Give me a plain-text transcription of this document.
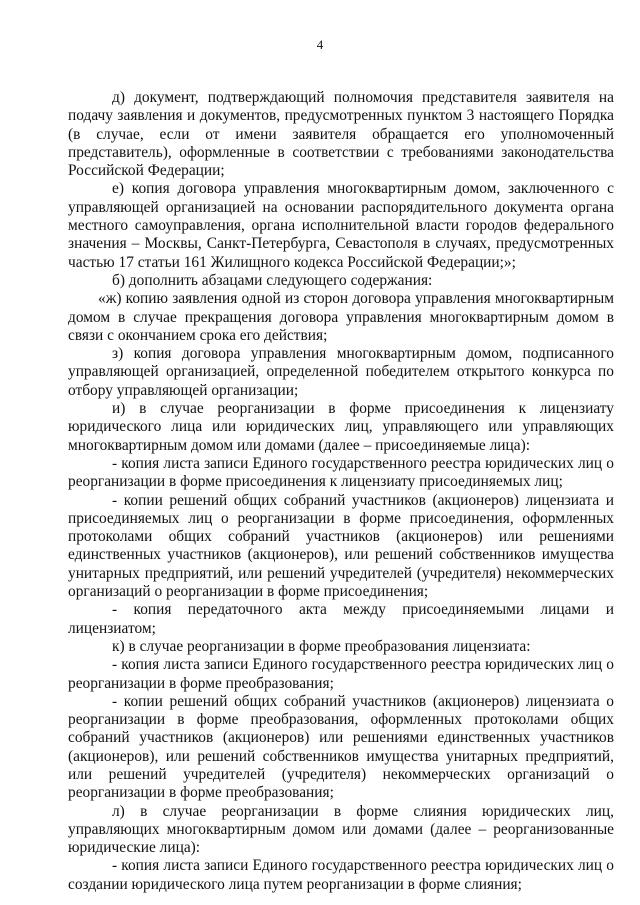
4

д) документ, подтверждающий полномочия представителя заявителя на подачу заявления и документов, предусмотренных пунктом 3 настоящего Порядка (в случае, если от имени заявителя обращается его уполномоченный представитель), оформленные в соответствии с требованиями законодательства Российской Федерации;

е) копия договора управления многоквартирным домом, заключенного с управляющей организацией на основании распорядительного документа органа местного самоуправления, органа исполнительной власти городов федерального значения – Москвы, Санкт-Петербурга, Севастополя в случаях, предусмотренных частью 17 статьи 161 Жилищного кодекса Российской Федерации;»;

б) дополнить абзацами следующего содержания:

«ж) копию заявления одной из сторон договора управления многоквартирным домом в случае прекращения договора управления многоквартирным домом в связи с окончанием срока его действия;

з) копия договора управления многоквартирным домом, подписанного управляющей организацией, определенной победителем открытого конкурса по отбору управляющей организации;

и) в случае реорганизации в форме присоединения к лицензиату юридического лица или юридических лиц, управляющего или управляющих многоквартирным домом или домами (далее – присоединяемые лица):

- копия листа записи Единого государственного реестра юридических лиц о реорганизации в форме присоединения к лицензиату присоединяемых лиц;

- копии решений общих собраний участников (акционеров) лицензиата и присоединяемых лиц о реорганизации в форме присоединения, оформленных протоколами общих собраний участников (акционеров) или решениями единственных участников (акционеров), или решений собственников имущества унитарных предприятий, или решений учредителей (учредителя) некоммерческих организаций о реорганизации в форме присоединения;

- копия передаточного акта между присоединяемыми лицами и лицензиатом;

к) в случае реорганизации в форме преобразования лицензиата:

- копия листа записи Единого государственного реестра юридических лиц о реорганизации в форме преобразования;

- копии решений общих собраний участников (акционеров) лицензиата о реорганизации в форме преобразования, оформленных протоколами общих собраний участников (акционеров) или решениями единственных участников (акционеров), или решений собственников имущества унитарных предприятий, или решений учредителей (учредителя) некоммерческих организаций о реорганизации в форме преобразования;

л) в случае реорганизации в форме слияния юридических лиц, управляющих многоквартирным домом или домами (далее – реорганизованные юридические лица):

- копия листа записи Единого государственного реестра юридических лиц о создании юридического лица путем реорганизации в форме слияния;
